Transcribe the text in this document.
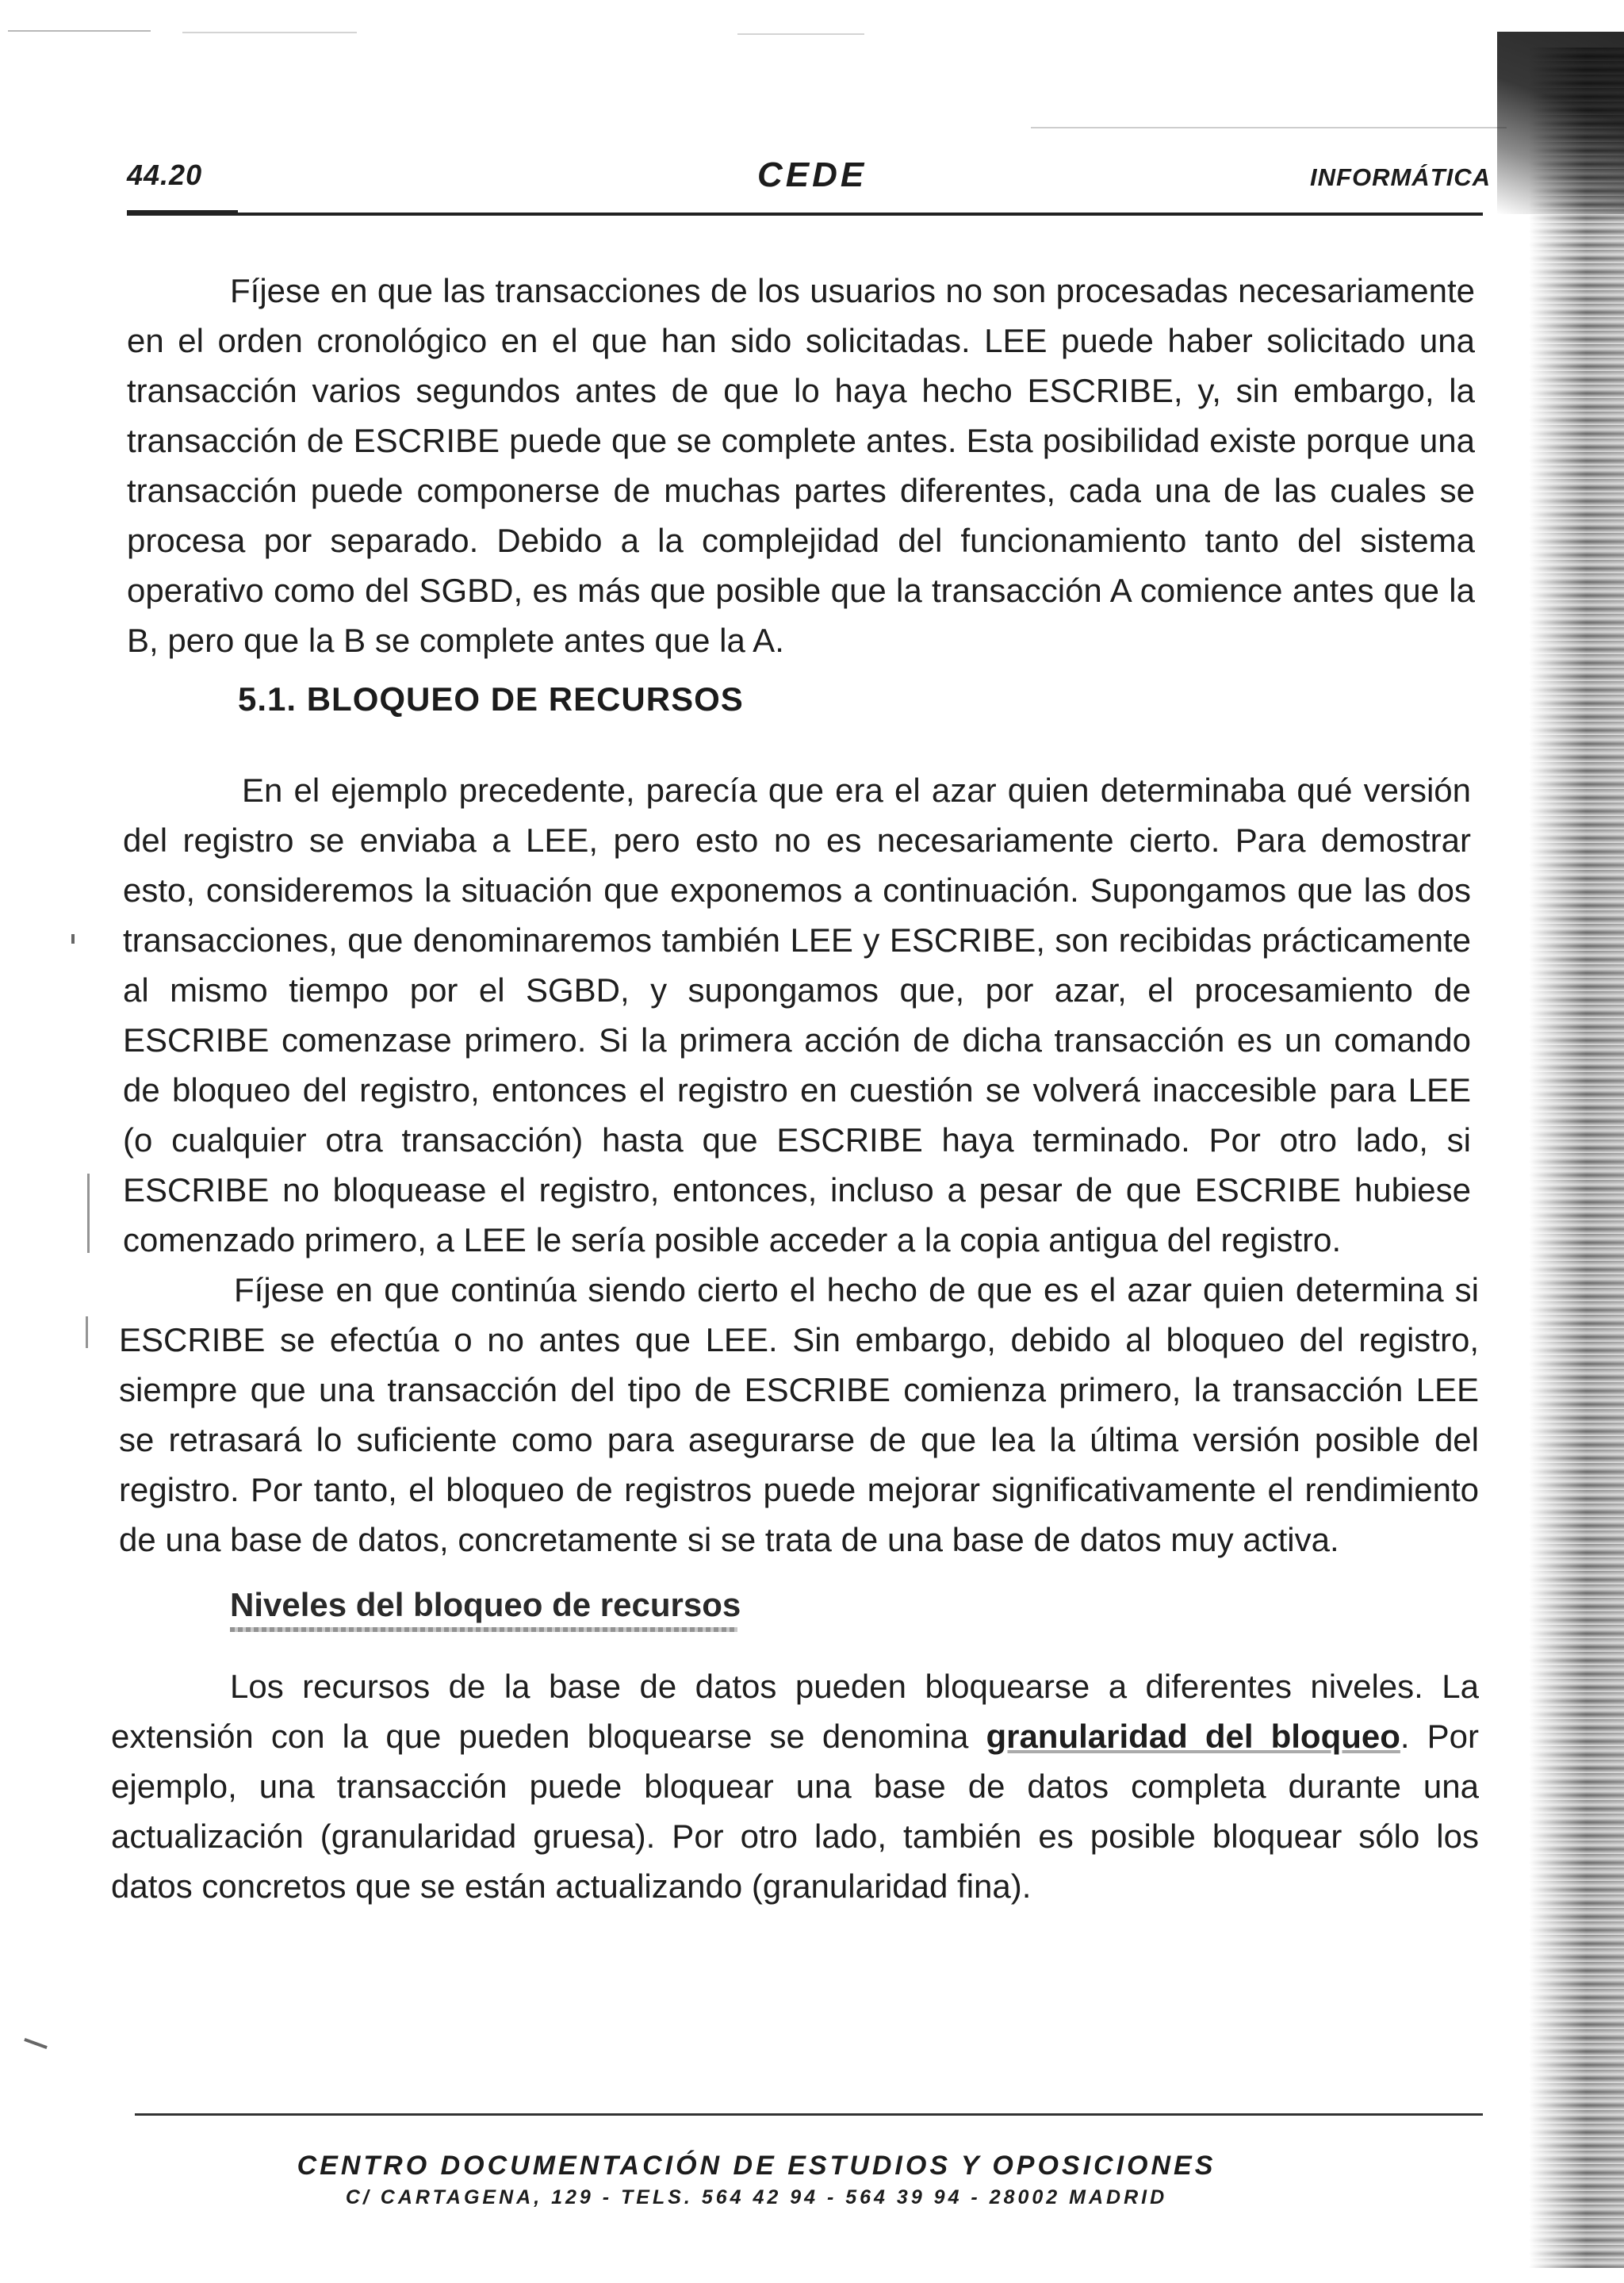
44.20	CEDE	INFORMÁTICA
Fíjese en que las transacciones de los usuarios no son procesadas necesariamente en el orden cronológico en el que han sido solicitadas. LEE puede haber solicitado una transacción varios segundos antes de que lo haya hecho ESCRIBE, y, sin embargo, la transacción de ESCRIBE puede que se complete antes. Esta posibilidad existe porque una transacción puede componerse de muchas partes diferentes, cada una de las cuales se procesa por separado. Debido a la complejidad del funcionamiento tanto del sistema operativo como del SGBD, es más que posible que la transacción A comience antes que la B, pero que la B se complete antes que la A.
5.1. BLOQUEO DE RECURSOS
En el ejemplo precedente, parecía que era el azar quien determinaba qué versión del registro se enviaba a LEE, pero esto no es necesariamente cierto. Para demostrar esto, consideremos la situación que exponemos a continuación. Supongamos que las dos transacciones, que denominaremos también LEE y ESCRIBE, son recibidas prácticamente al mismo tiempo por el SGBD, y supongamos que, por azar, el procesamiento de ESCRIBE comenzase primero. Si la primera acción de dicha transacción es un comando de bloqueo del registro, entonces el registro en cuestión se volverá inaccesible para LEE (o cualquier otra transacción) hasta que ESCRIBE haya terminado. Por otro lado, si ESCRIBE no bloquease el registro, entonces, incluso a pesar de que ESCRIBE hubiese comenzado primero, a LEE le sería posible acceder a la copia antigua del registro.
Fíjese en que continúa siendo cierto el hecho de que es el azar quien determina si ESCRIBE se efectúa o no antes que LEE. Sin embargo, debido al bloqueo del registro, siempre que una transacción del tipo de ESCRIBE comienza primero, la transacción LEE se retrasará lo suficiente como para asegurarse de que lea la última versión posible del registro. Por tanto, el bloqueo de registros puede mejorar significativamente el rendimiento de una base de datos, concretamente si se trata de una base de datos muy activa.
Niveles del bloqueo de recursos
Los recursos de la base de datos pueden bloquearse a diferentes niveles. La extensión con la que pueden bloquearse se denomina granularidad del bloqueo. Por ejemplo, una transacción puede bloquear una base de datos completa durante una actualización (granularidad gruesa). Por otro lado, también es posible bloquear sólo los datos concretos que se están actualizando (granularidad fina).
CENTRO DOCUMENTACIÓN DE ESTUDIOS Y OPOSICIONES
C/ CARTAGENA, 129 - TELS. 564 42 94 - 564 39 94 - 28002 MADRID
